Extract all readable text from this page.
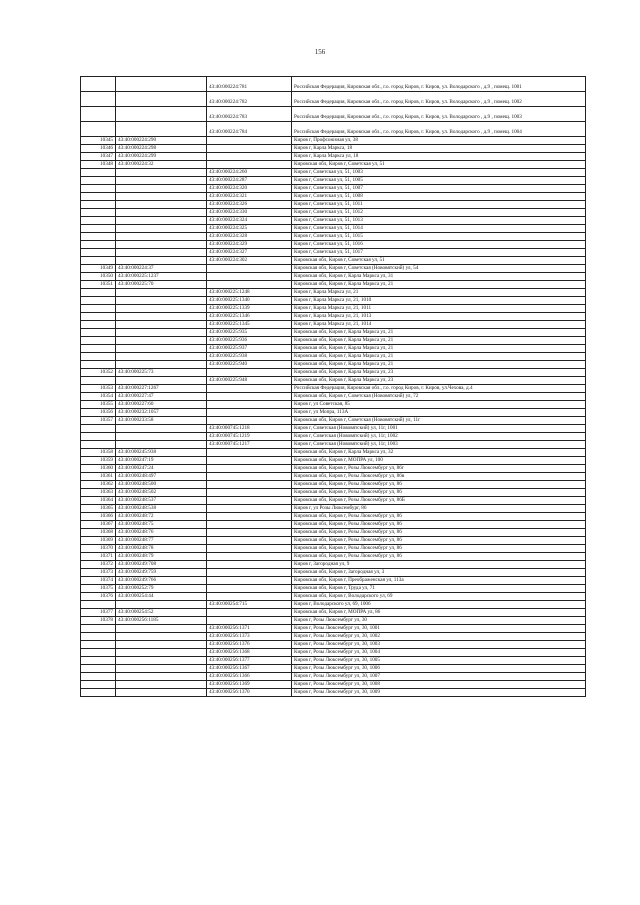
156
		43:40:000224:781	Российская Федерация, Кировская обл., г.о. город Киров, г. Киров, ул. Володарского , д.9 , помещ. 1001
		43:40:000224:782	Российская Федерация, Кировская обл., г.о. город Киров, г. Киров, ул. Володарского , д.9 , помещ. 1002
		43:40:000224:783	Российская Федерация, Кировская обл., г.о. город Киров, г. Киров, ул. Володарского , д.9 , помещ. 1003
		43:40:000224:784	Российская Федерация, Кировская обл., г.о. город Киров, г. Киров, ул. Володарского , д.9 , помещ. 1004
10345	43:40:000224:290		Киров г, Профсоюзная ул, 38
10346	43:40:000224:298		Киров г, Карла Маркса, 18
10347	43:40:000224:299		Киров г, Карла Маркса ул, 18
10348	43:40:000224:32		Кировская обл, Киров г, Советская ул, 51
		43:40:000224:260	Киров г, Советская ул, 51, 1003
		43:40:000224:287	Киров г, Советская ул, 51, 1005
		43:40:000224:320	Киров г, Советская ул, 51, 1007
		43:40:000224:321	Киров г, Советская ул, 51, 1008
		43:40:000224:326	Киров г, Советская ул, 51, 1011
		43:40:000224:330	Киров г, Советская ул, 51, 1012
		43:40:000224:324	Киров г, Советская ул, 51, 1013
		43:40:000224:325	Киров г, Советская ул, 51, 1014
		43:40:000224:328	Киров г, Советская ул, 51, 1015
		43:40:000224:329	Киров г, Советская ул, 51, 1016
		43:40:000224:327	Киров г, Советская ул, 51, 1017
		43:40:000224:302	Кировская обл, Киров г, Советская ул, 51
10349	43:40:000224:37		Кировская обл, Киров г, Советская (Нововятский) ул, 54
10350	43:40:000225:1237		Кировская обл, Киров г, Карла Маркса ул, 31
10351	43:40:000225:70		Кировская обл, Киров г, Карла Маркса ул, 21
		43:40:000225:1248	Киров г, Карла Маркса ул, 21
		43:40:000225:1340	Киров г, Карла Маркса ул, 21, 1010
		43:40:000225:1339	Киров г, Карла Маркса ул, 21, 1011
		43:40:000225:1346	Киров г, Карла Маркса ул, 21, 1013
		43:40:000225:1345	Киров г, Карла Маркса ул, 21, 1014
		43:40:000225:935	Кировская обл, Киров г, Карла Маркса ул, 21
		43:40:000225:936	Кировская обл, Киров г, Карла Маркса ул, 21
		43:40:000225:937	Кировская обл, Киров г, Карла Маркса ул, 21
		43:40:000225:938	Кировская обл, Киров г, Карла Маркса ул, 21
		43:40:000225:940	Кировская обл, Киров г, Карла Маркса ул, 21
10352	43:40:000225:73		Кировская обл, Киров г, Карла Маркса ул, 23
		43:40:000225:948	Кировская обл, Киров г, Карла Маркса ул, 23
10353	43:40:000227:1267		Российская Федерация, Кировская обл., г.о. город Киров, г. Киров, ул.Чехова, д.4
10354	43:40:000227:47		Кировская обл, Киров г, Советская (Нововятский) ул, 72
10355	43:40:000227:60		Киров г, ул Советская, 85
10356	43:40:000232:1057		Киров г, ул Мопра, 113А
10357	43:40:000233:58		Кировская обл, Киров г, Советская (Нововятский) ул, 11г
		43:40:000745:1218	Киров г, Советская (Нововятский) ул, 11г, 1001
		43:40:000745:1219	Киров г, Советская (Нововятский) ул, 11г, 1002
		43:40:000745:1217	Киров г, Советская (Нововятский) ул, 11г, 1003
10358	43:40:000245:938		Кировская обл, Киров г, Карла Маркса ул, 32
10359	43:40:000247:19		Кировская обл, Киров г, МОПРА ул, 100
10360	43:40:000247:24		Кировская обл, Киров г, Розы Люксембург ул, 86г
10361	43:40:000248:497		Кировская обл, Киров г, Розы Люксембург ул, 86в
10362	43:40:000248:500		Кировская обл, Киров г, Розы Люксембург ул, 86
10363	43:40:000248:502		Кировская обл, Киров г, Розы Люксембург ул, 86
10364	43:40:000248:537		Кировская обл, Киров г, Розы Люксембург ул, 86Б
10365	43:40:000248:538		Киров г, ул Розы Люксембург, 86
10366	43:40:000248:72		Кировская обл, Киров г, Розы Люксембург ул, 86
10367	43:40:000248:75		Кировская обл, Киров г, Розы Люксембург ул, 86
10368	43:40:000248:76		Кировская обл, Киров г, Розы Люксембург ул, 86
10369	43:40:000248:77		Кировская обл, Киров г, Розы Люксембург ул, 86
10370	43:40:000248:78		Кировская обл, Киров г, Розы Люксембург ул, 86
10371	43:40:000248:79		Кировская обл, Киров г, Розы Люксембург ул, 86
10372	43:40:000249:708		Киров г, Загородная ул, 9
10373	43:40:000249:759		Кировская обл, Киров г, Загородная ул, 3
10374	43:40:000249:766		Кировская обл, Киров г, Преображенская ул, 113а
10375	43:40:000252:79		Кировская обл, Киров г, Труда ул, 71
10376	43:40:000254:44		Кировская обл, Киров г, Володарского ул, 69
		43:40:000254:715	Киров г, Володарского ул, 69, 1006
10377	43:40:000254:52		Кировская обл, Киров г, МОПРА ул, 86
10378	43:40:000256:1185		Киров г, Розы Люксембург ул, 30
		43:40:000256:1371	Киров г, Розы Люксембург ул, 30, 1001
		43:40:000256:1373	Киров г, Розы Люксембург ул, 30, 1002
		43:40:000256:1376	Киров г, Розы Люксембург ул, 30, 1003
		43:40:000256:1368	Киров г, Розы Люксембург ул, 30, 1004
		43:40:000256:1377	Киров г, Розы Люксембург ул, 30, 1005
		43:40:000256:1367	Киров г, Розы Люксембург ул, 30, 1006
		43:40:000256:1366	Киров г, Розы Люксембург ул, 30, 1007
		43:40:000256:1369	Киров г, Розы Люксембург ул, 30, 1008
		43:40:000256:1370	Киров г, Розы Люксембург ул, 30, 1009
